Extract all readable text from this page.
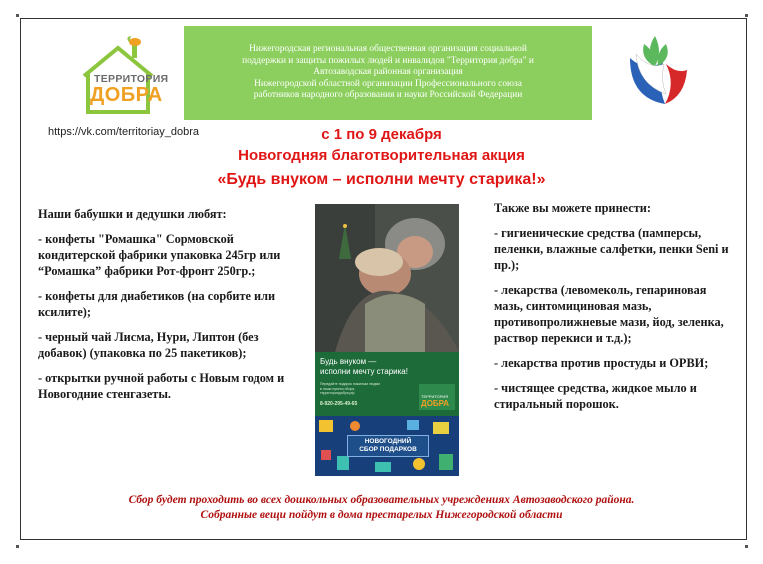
ТЕРРИТОРИЯ
ДОБРА
https://vk.com/territoriay_dobra
Нижегородская региональная общественная организация социальной
поддержки и защиты пожилых людей и инвалидов "Территория добра" и
Автозаводская районная организация
Нижегородской областной организации Профессионального союза
работников народного образования и науки Российской Федерации
с 1 по 9 декабря
Новогодняя благотворительная акция
«Будь внуком – исполни мечту старика!»

Наши бабушки и дедушки любят:

- конфеты "Ромашка" Сормовской кондитерской фабрики упаковка 245гр или “Ромашка” фабрики Рот-фронт 250гр.;

- конфеты для диабетиков (на сорбите или ксилите);

- черный чай Лисма, Нури, Липтон (без добавок) (упаковка по 25 пакетиков);

- открытки ручной работы с Новым годом и Новогодние стенгазеты.

Будь внуком —
исполни мечту старика!
Передайте подарок пожилым людям
в наши пункты сбора
территориядобра.рф
8-920-295-49-65
ТЕРРИТОРИЯ
ДОБРА
НОВОГОДНИЙ
СБОР ПОДАРКОВ

Также вы можете принести:

- гигиенические средства (памперсы, пеленки, влажные салфетки, пенки Seni и пр.);

- лекарства (левомеколь, гепариновая мазь, синтомициновая мазь, противопролижневые мази, йод, зеленка, раствор перекиси и т.д.);

- лекарства против простуды и ОРВИ;

- чистящее средства, жидкое мыло и стиральный порошок.

Сбор будет проходить во всех дошкольных образовательных учреждениях Автозаводского района.
Собранные вещи пойдут в дома престарелых Нижегородской области
